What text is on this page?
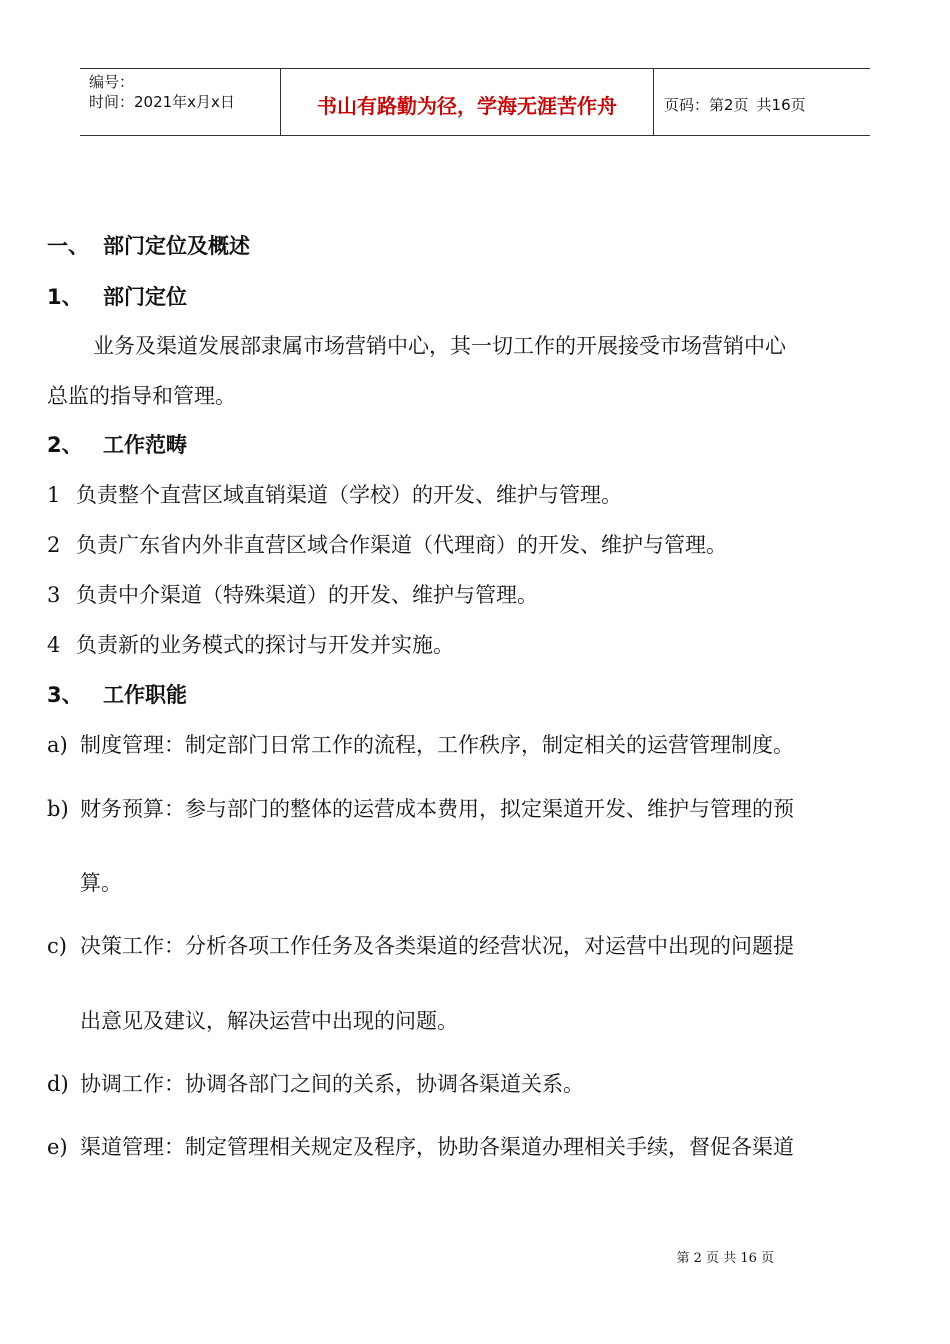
编号：
时间：2021年x月x日	书山有路勤为径，学海无涯苦作舟	页码：第2页 共16页
一、 部门定位及概述
1、 部门定位
业务及渠道发展部隶属市场营销中心，其一切工作的开展接受市场营销中心
总监的指导和管理。
2、 工作范畴
1 负责整个直营区域直销渠道（学校）的开发、维护与管理。
2 负责广东省内外非直营区域合作渠道（代理商）的开发、维护与管理。
3 负责中介渠道（特殊渠道）的开发、维护与管理。
4 负责新的业务模式的探讨与开发并实施。
3、 工作职能
a) 制度管理：制定部门日常工作的流程，工作秩序，制定相关的运营管理制度。
b) 财务预算：参与部门的整体的运营成本费用，拟定渠道开发、维护与管理的预
算。
c) 决策工作：分析各项工作任务及各类渠道的经营状况，对运营中出现的问题提
出意见及建议，解决运营中出现的问题。
d) 协调工作：协调各部门之间的关系，协调各渠道关系。
e) 渠道管理：制定管理相关规定及程序，协助各渠道办理相关手续，督促各渠道
第 2 页 共 16 页
